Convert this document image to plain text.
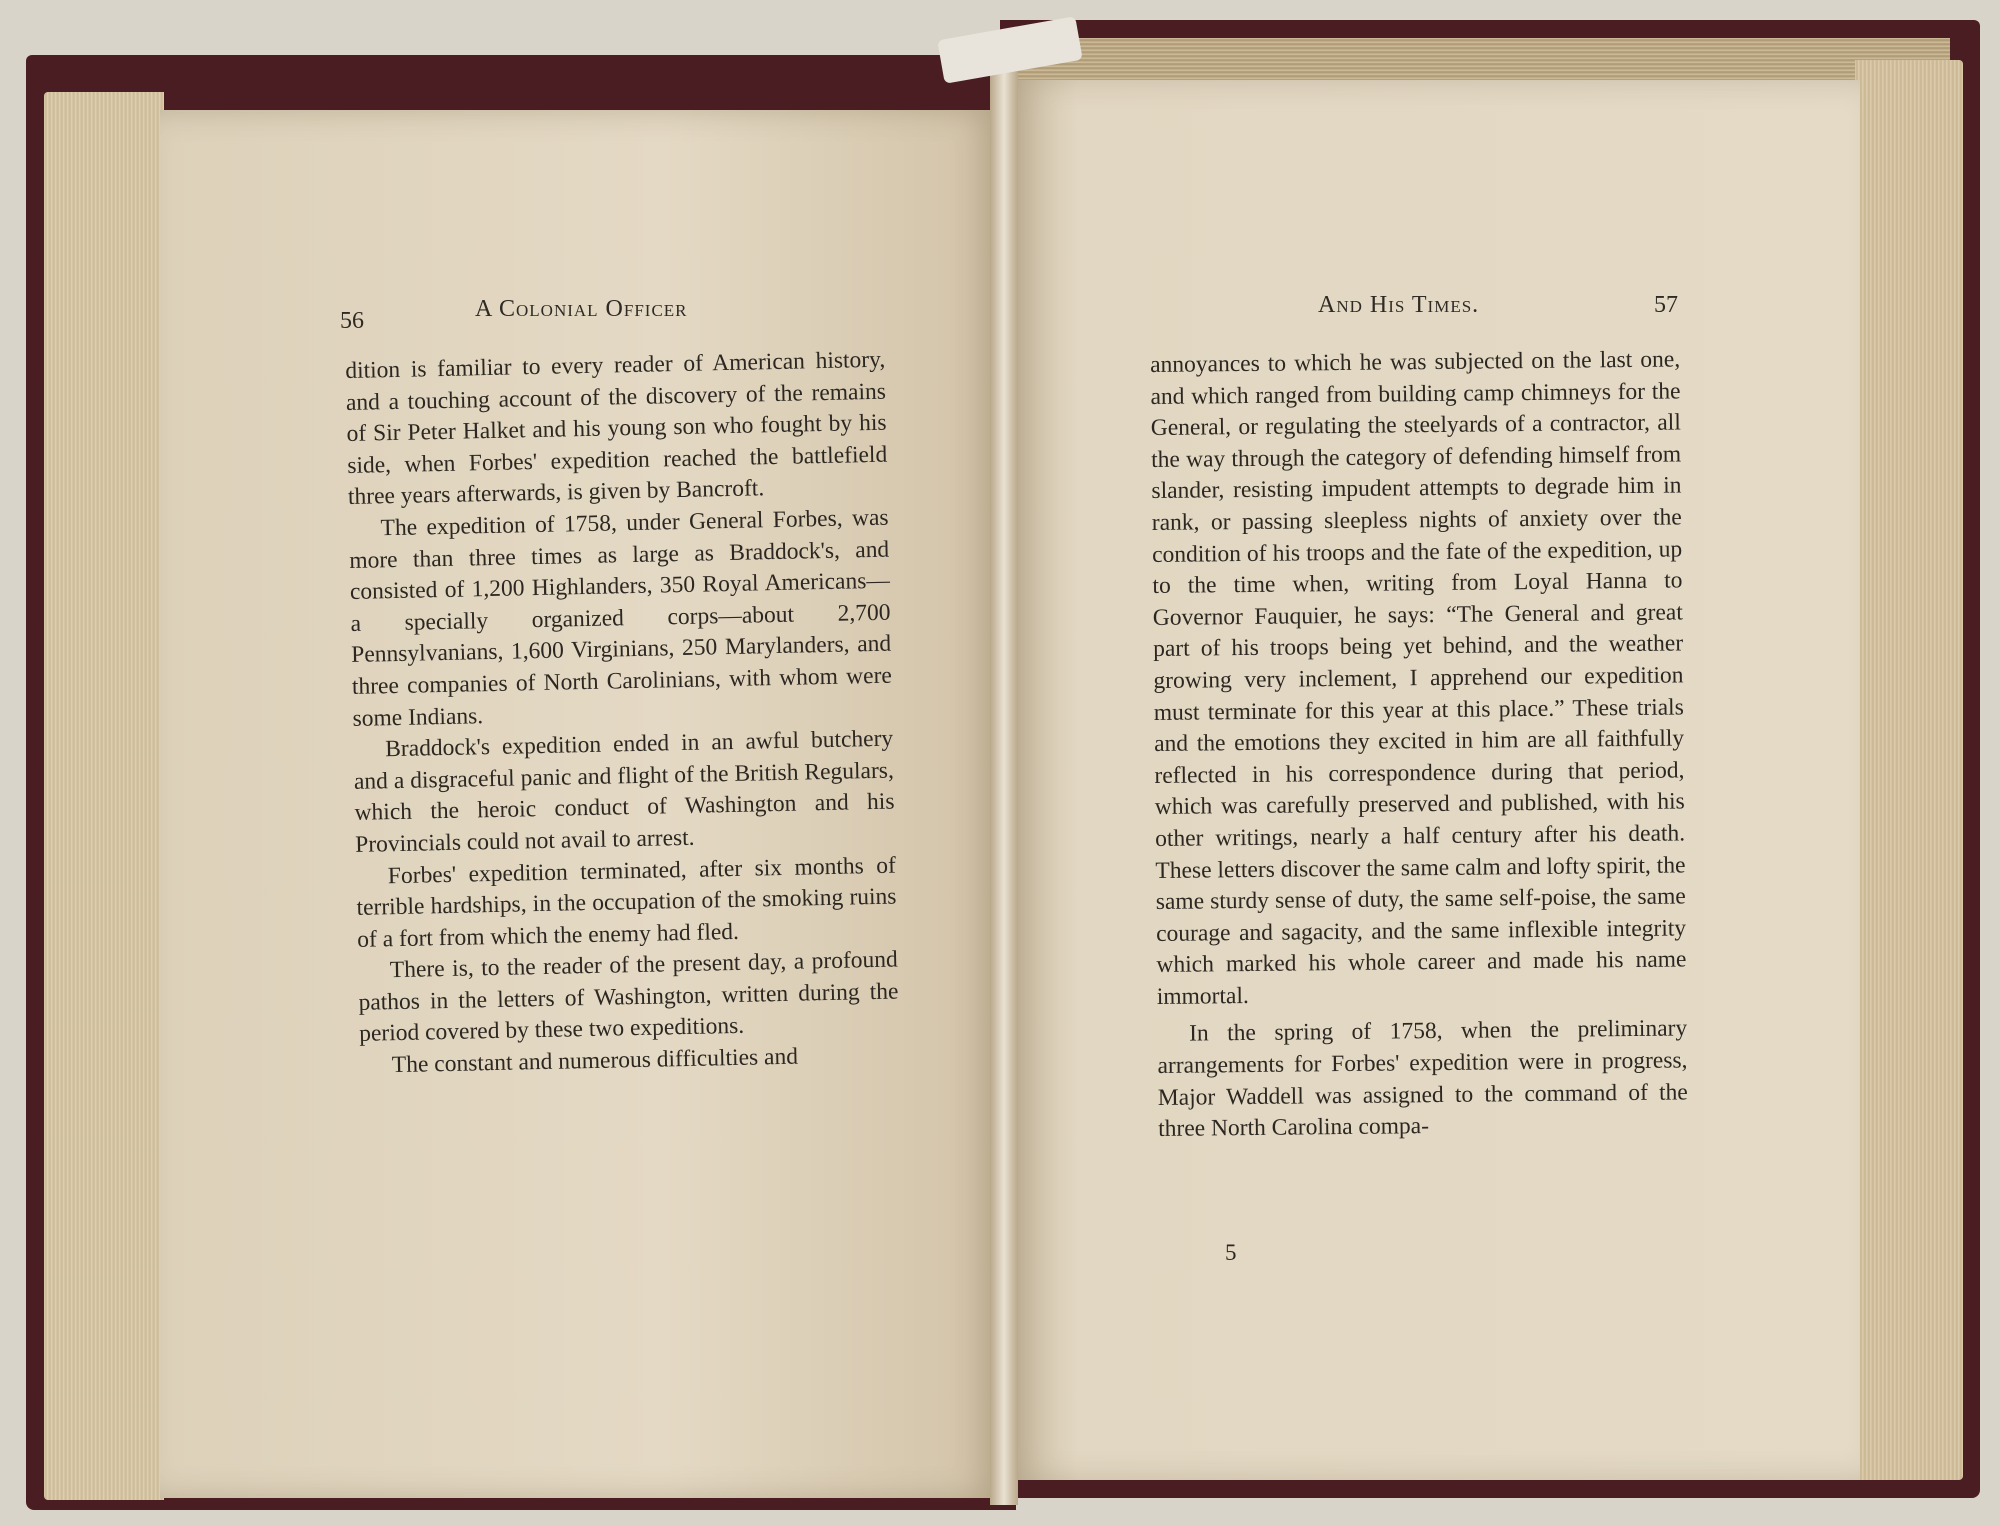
56	A Colonial Officer	And His Times.	57

dition is familiar to every reader of American history, and a touching account of the discovery of the remains of Sir Peter Halket and his young son who fought by his side, when Forbes' expedition reached the battlefield three years afterwards, is given by Bancroft.

The expedition of 1758, under General Forbes, was more than three times as large as Braddock's, and consisted of 1,200 Highlanders, 350 Royal Americans—a specially organized corps—about 2,700 Pennsylvanians, 1,600 Virginians, 250 Marylanders, and three companies of North Carolinians, with whom were some Indians.

Braddock's expedition ended in an awful butchery and a disgraceful panic and flight of the British Regulars, which the heroic conduct of Washington and his Provincials could not avail to arrest.

Forbes' expedition terminated, after six months of terrible hardships, in the occupation of the smoking ruins of a fort from which the enemy had fled.

There is, to the reader of the present day, a profound pathos in the letters of Washington, written during the period covered by these two expeditions.

The constant and numerous difficulties and

annoyances to which he was subjected on the last one, and which ranged from building camp chimneys for the General, or regulating the steelyards of a contractor, all the way through the category of defending himself from slander, resisting impudent attempts to degrade him in rank, or passing sleepless nights of anxiety over the condition of his troops and the fate of the expedition, up to the time when, writing from Loyal Hanna to Governor Fauquier, he says: “The General and great part of his troops being yet behind, and the weather growing very inclement, I apprehend our expedition must terminate for this year at this place.” These trials and the emotions they excited in him are all faithfully reflected in his correspondence during that period, which was carefully preserved and published, with his other writings, nearly a half century after his death. These letters discover the same calm and lofty spirit, the same sturdy sense of duty, the same self-poise, the same courage and sagacity, and the same inflexible integrity which marked his whole career and made his name immortal.

In the spring of 1758, when the preliminary arrangements for Forbes' expedition were in progress, Major Waddell was assigned to the command of the three North Carolina compa-

5
